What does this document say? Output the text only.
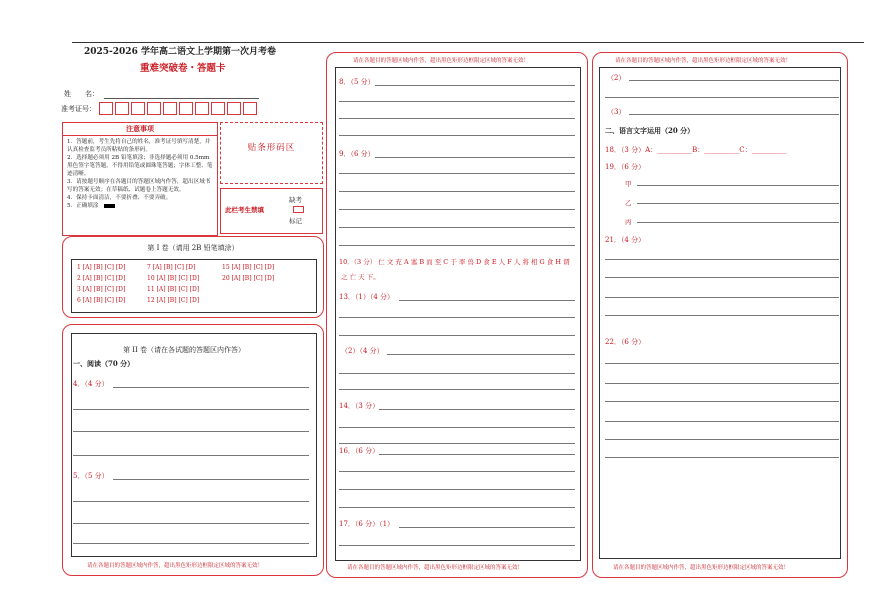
2025-2026 学年高二语文上学期第一次月考卷
重难突破卷・答题卡
姓　　名：
准考证号：
注意事项
1．答题前，考生先将自己的姓名，准考证号填写清楚，并认真检查监考员所粘贴的条形码。
2．选择题必须用 2B 铅笔填涂；非选择题必须用 0.5mm 黑色签字笔答题，不得用铅笔或圆珠笔答题；字体工整、笔迹清晰。
3．请按题号顺序在各题目的答题区域内作答，超出区域书写的答案无效；在草稿纸、试题卷上答题无效。
4．保持卡面清洁，不要折叠、不要弄破。
5．正确填涂
贴条形码区
此栏考生禁填
缺考
标记
第 I 卷（请用 2B 铅笔填涂）
1 [A] [B] [C] [D]	7 [A] [B] [C] [D]	15 [A] [B] [C] [D]
2 [A] [B] [C] [D]	10 [A] [B] [C] [D]	20 [A] [B] [C] [D]
3 [A] [B] [C] [D]	11 [A] [B] [C] [D]
6 [A] [B] [C] [D]	12 [A] [B] [C] [D]
第 II 卷（请在各试题的答题区内作答）
一、阅读（70 分）
4．（4 分）
5．（5 分）
请在各题目的答题区域内作答，超出黑色矩形边框限定区域的答案无效！
请在各题目的答题区域内作答，超出黑色矩形边框限定区域的答案无效！
8．（5 分）
9．（6 分）
10．（3 分） 仁 文 充 A 塞 B 而 至 C 于 率 兽 D 食 E 人 F 人 将 相 G 食 H 谓
之 亡 天 下。
13．（1）（4 分）
（2）（4 分）
14．（3 分）
16．（6 分）
17．（6 分）（1）
请在各题目的答题区域内作答，超出黑色矩形边框限定区域的答案无效！
请在各题目的答题区域内作答，超出黑色矩形边框限定区域的答案无效！
（2）
（3）
二、语言文字运用（20 分）
18．（3 分）A：__________B：__________C：__________
19．（6 分）
甲
乙
丙
21．（4 分）
22．（6 分）
请在各题目的答题区域内作答，超出黑色矩形边框限定区域的答案无效！
